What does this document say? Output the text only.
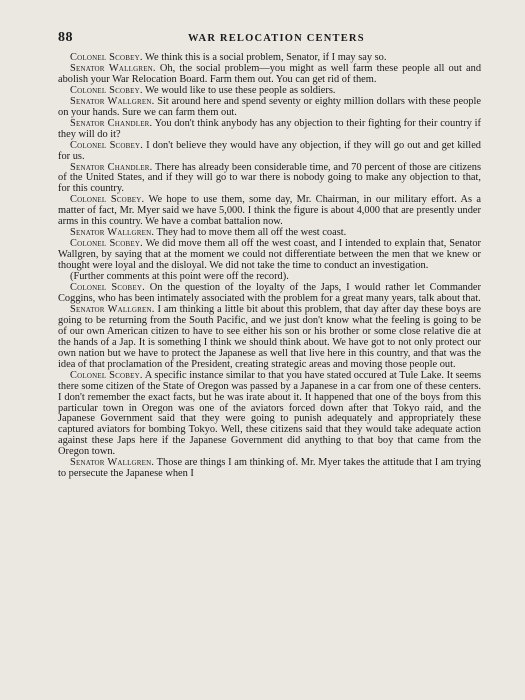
88	WAR RELOCATION CENTERS

Colonel Scobey. We think this is a social problem, Senator, if I may say so.

Senator Wallgren. Oh, the social problem—you might as well farm these people all out and abolish your War Relocation Board. Farm them out. You can get rid of them.

Colonel Scobey. We would like to use these people as soldiers.

Senator Wallgren. Sit around here and spend seventy or eighty million dollars with these people on your hands. Sure we can farm them out.

Senator Chandler. You don't think anybody has any objection to their fighting for their country if they will do it?

Colonel Scobey. I don't believe they would have any objection, if they will go out and get killed for us.

Senator Chandler. There has already been considerable time, and 70 percent of those are citizens of the United States, and if they will go to war there is nobody going to make any objection to that, for this country.

Colonel Scobey. We hope to use them, some day, Mr. Chairman, in our military effort. As a matter of fact, Mr. Myer said we have 5,000. I think the figure is about 4,000 that are presently under arms in this country. We have a combat battalion now.

Senator Wallgren. They had to move them all off the west coast.

Colonel Scobey. We did move them all off the west coast, and I intended to explain that, Senator Wallgren, by saying that at the moment we could not differentiate between the men that we knew or thought were loyal and the disloyal. We did not take the time to conduct an investigation.

(Further comments at this point were off the record).

Colonel Scobey. On the question of the loyalty of the Japs, I would rather let Commander Coggins, who has been intimately associated with the problem for a great many years, talk about that.

Senator Wallgren. I am thinking a little bit about this problem, that day after day these boys are going to be returning from the South Pacific, and we just don't know what the feeling is going to be of our own American citizen to have to see either his son or his brother or some close relative die at the hands of a Jap. It is something I think we should think about. We have got to not only protect our own nation but we have to protect the Japanese as well that live here in this country, and that was the idea of that proclamation of the President, creating strategic areas and moving those people out.

Colonel Scobey. A specific instance similar to that you have stated occured at Tule Lake. It seems there some citizen of the State of Oregon was passed by a Japanese in a car from one of these centers. I don't remember the exact facts, but he was irate about it. It happened that one of the boys from this particular town in Oregon was one of the aviators forced down after that Tokyo raid, and the Japanese Government said that they were going to punish adequately and appropriately these captured aviators for bombing Tokyo. Well, these citizens said that they would take adequate action against these Japs here if the Japanese Government did anything to that boy that came from the Oregon town.

Senator Wallgren. Those are things I am thinking of. Mr. Myer takes the attitude that I am trying to persecute the Japanese when I
